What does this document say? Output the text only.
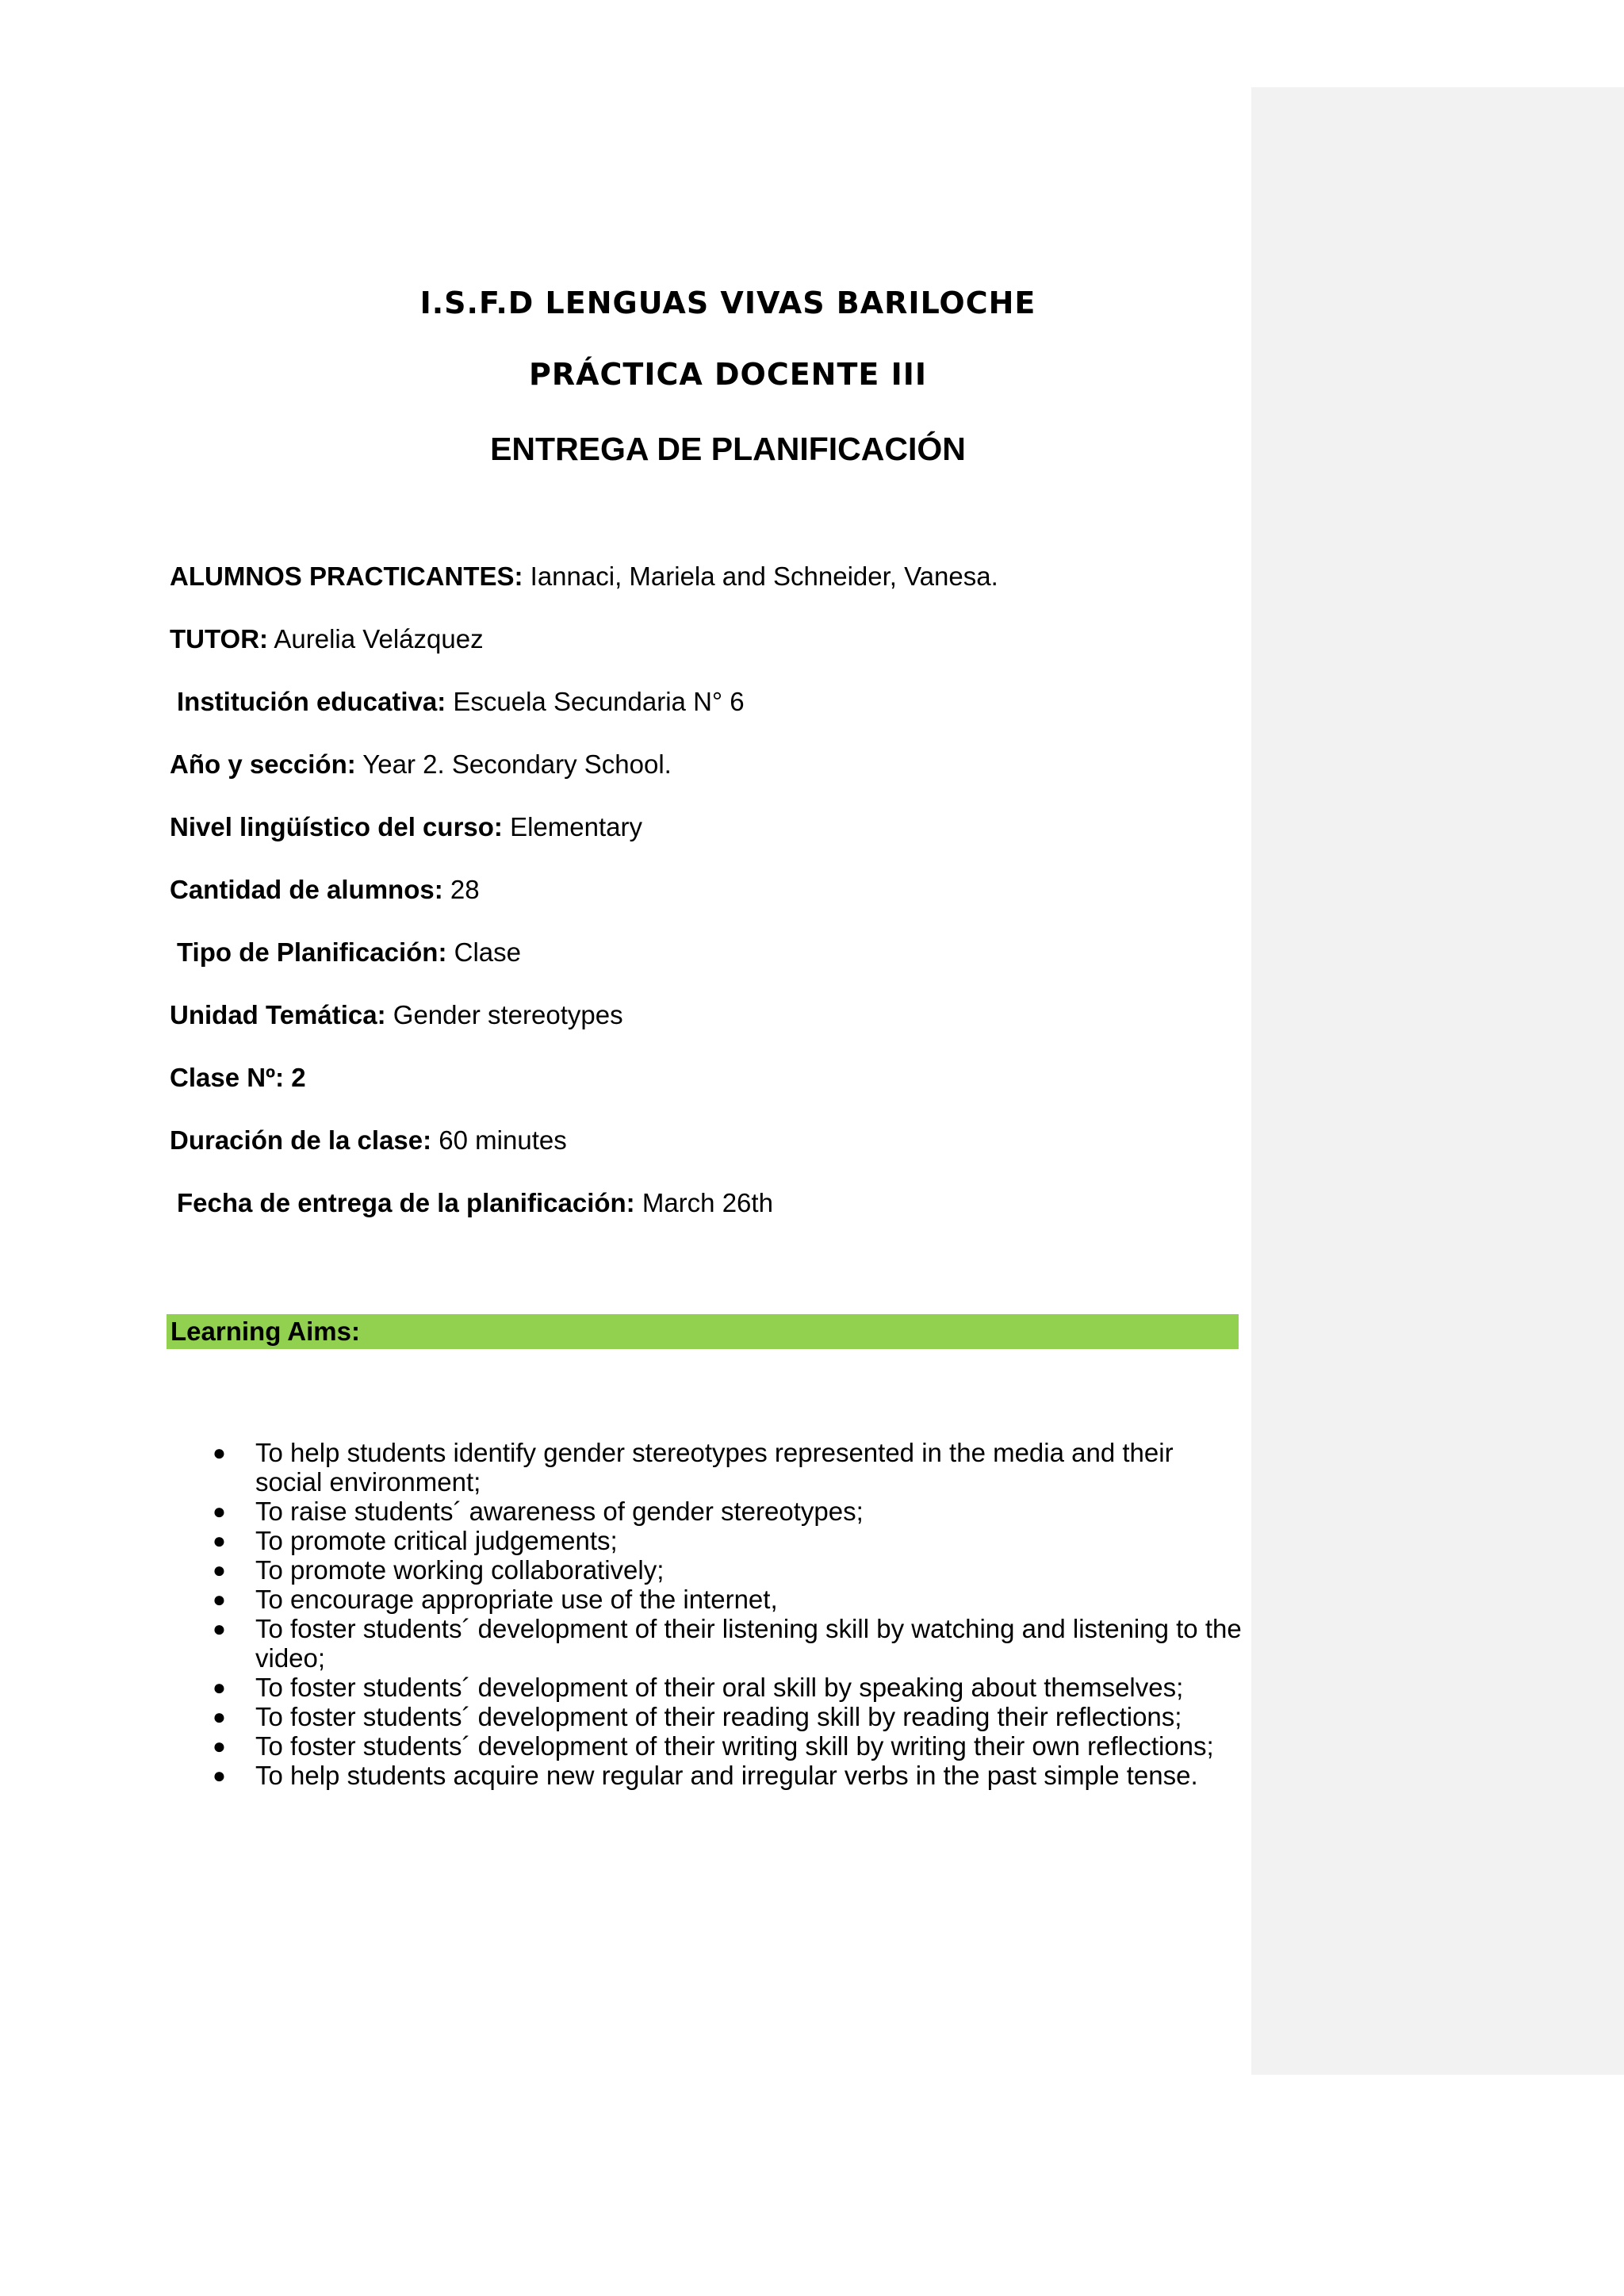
I.S.F.D LENGUAS VIVAS BARILOCHE
PRÁCTICA DOCENTE III
ENTREGA DE PLANIFICACIÓN
ALUMNOS PRACTICANTES: Iannaci, Mariela and Schneider, Vanesa.
TUTOR: Aurelia Velázquez
Institución educativa: Escuela Secundaria N° 6
Año y sección: Year 2. Secondary School.
Nivel lingüístico del curso: Elementary
Cantidad de alumnos: 28
Tipo de Planificación: Clase
Unidad Temática: Gender stereotypes
Clase Nº: 2
Duración de la clase: 60 minutes
Fecha de entrega de la planificación: March 26th
Learning Aims:
● To help students identify gender stereotypes represented in the media and their social environment;
● To raise students´ awareness of gender stereotypes;
● To promote critical judgements;
● To promote working collaboratively;
● To encourage appropriate use of the internet,
● To foster students´ development of their listening skill by watching and listening to the video;
● To foster students´ development of their oral skill by speaking about themselves;
● To foster students´ development of their reading skill by reading their reflections;
● To foster students´ development of their writing skill by writing their own reflections;
● To help students acquire new regular and irregular verbs in the past simple tense.
